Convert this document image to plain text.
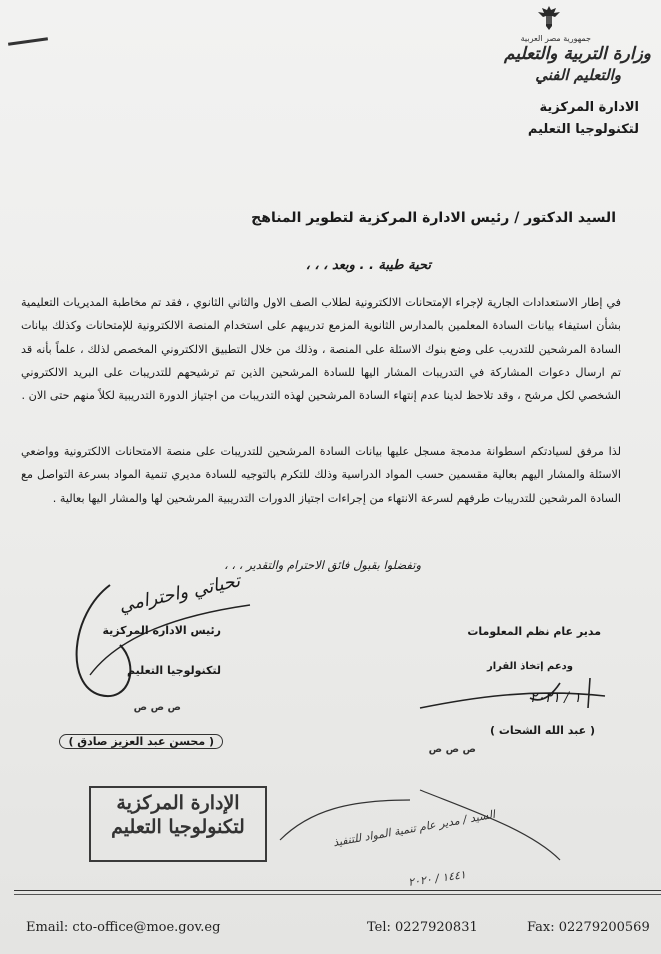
جمهورية مصر العربية
وزارة التربية والتعليم
والتعليم الفني
الادارة المركزية
لتكنولوجيا التعليم
السيد الدكتور / رئيس الادارة المركزية لتطوير المناهج
تحية طيبة . . وبعد ، ، ،
في إطار الاستعدادات الجارية لإجراء الإمتحانات الالكترونية لطلاب الصف الاول والثاني الثانوي ، فقد تم مخاطبة المديريات التعليمية بشأن استيفاء بيانات السادة المعلمين بالمدارس الثانوية المزمع تدريبهم على استخدام المنصة الالكترونية للإمتحانات وكذلك بيانات السادة المرشحين للتدريب على وضع بنوك الاسئلة على المنصة ، وذلك من خلال التطبيق الالكتروني المخصص لذلك ، علماً بأنه قد تم ارسال دعوات المشاركة في التدريبات المشار اليها للسادة المرشحين الذين تم ترشيحهم للتدريبات على البريد الالكتروني الشخصي لكل مرشح ، وقد تلاحظ لدينا عدم إنتهاء السادة المرشحين لهذه التدريبات من اجتياز الدورة التدريبية لكلاً منهم حتى الان .
لذا مرفق لسيادتكم اسطوانة مدمجة مسجل عليها بيانات السادة المرشحين للتدريبات على منصة الامتحانات الالكترونية وواضعي الاسئلة والمشار اليهم بعالية مقسمين حسب المواد الدراسية وذلك للتكرم بالتوجيه للسادة مديري تنمية المواد بسرعة التواصل مع السادة المرشحين للتدريبات طرفهم لسرعة الانتهاء من إجراءات اجتياز الدورات التدريبية المرشحين لها والمشار اليها بعالية .
وتفضلوا بقبول فائق الاحترام والتقدير ، ، ،
تحياتي واحترامي
رئيس الادارة المركزية
لتكنولوجيا التعليم
ص ص ص
( محسن عبد العزيز صادق )
مدير عام نظم المعلومات
ودعم إتخاذ القرار
١ / ٢٠٢١
ص ص ص
( عبد الله الشحات )
الإدارة المركزية
لتكنولوجيا التعليم	السيد / مدير عام تنمية المواد للتنفيذ
١٤٤١ / ٢٠٢٠
Email: cto-office@moe.gov.eg	Tel: 0227920831	Fax: 02279200569
